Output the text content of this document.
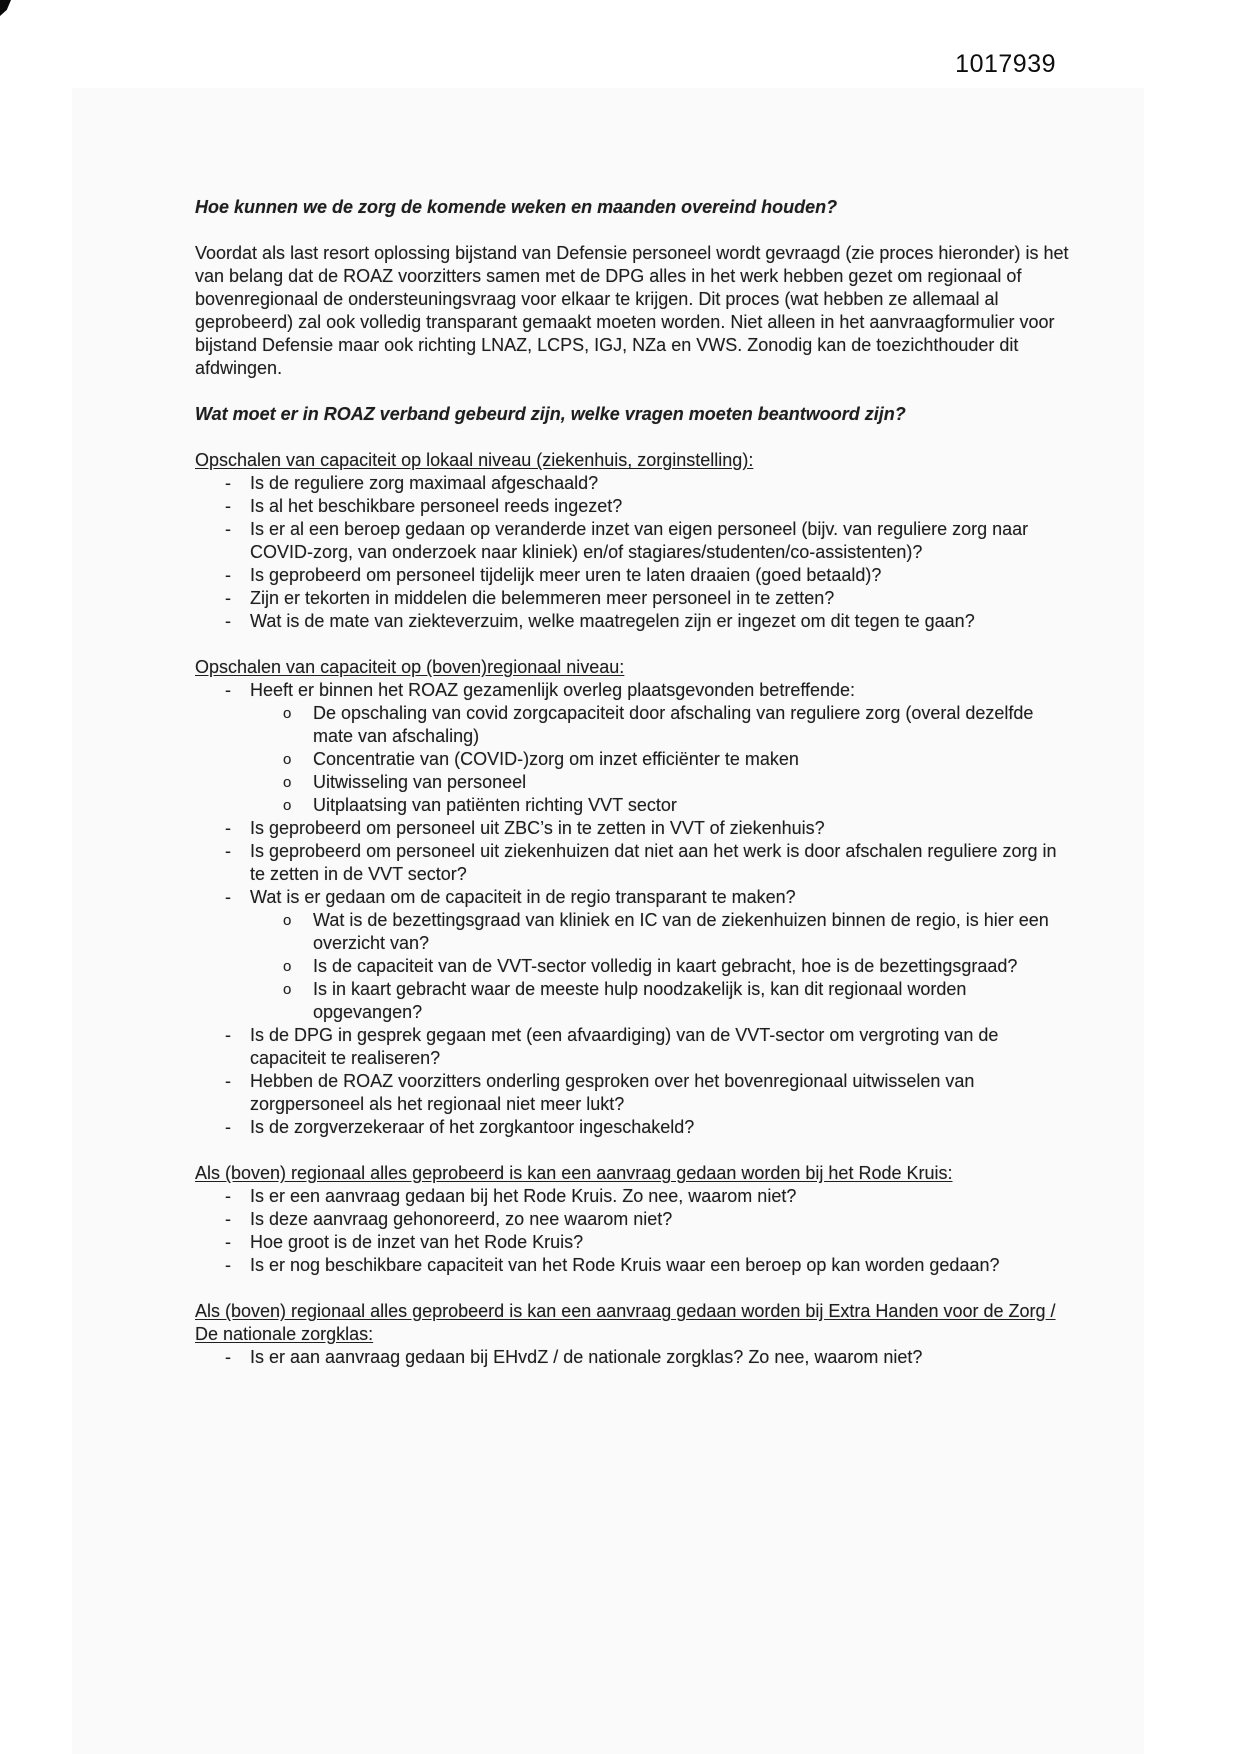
1017939
Hoe kunnen we de zorg de komende weken en maanden overeind houden?
Voordat als last resort oplossing bijstand van Defensie personeel wordt gevraagd (zie proces hieronder) is het van belang dat de ROAZ voorzitters samen met de DPG alles in het werk hebben gezet om regionaal of bovenregionaal de ondersteuningsvraag voor elkaar te krijgen. Dit proces (wat hebben ze allemaal al geprobeerd) zal ook volledig transparant gemaakt moeten worden. Niet alleen in het aanvraagformulier voor bijstand Defensie maar ook richting LNAZ, LCPS, IGJ, NZa en VWS. Zonodig kan de toezichthouder dit afdwingen.
Wat moet er in ROAZ verband gebeurd zijn, welke vragen moeten beantwoord zijn?
Opschalen van capaciteit op lokaal niveau (ziekenhuis, zorginstelling):
-	Is de reguliere zorg maximaal afgeschaald?
-	Is al het beschikbare personeel reeds ingezet?
-	Is er al een beroep gedaan op veranderde inzet van eigen personeel (bijv. van reguliere zorg naar COVID-zorg, van onderzoek naar kliniek) en/of stagiares/studenten/co-assistenten)?
-	Is geprobeerd om personeel tijdelijk meer uren te laten draaien (goed betaald)?
-	Zijn er tekorten in middelen die belemmeren meer personeel in te zetten?
-	Wat is de mate van ziekteverzuim, welke maatregelen zijn er ingezet om dit tegen te gaan?
Opschalen van capaciteit op (boven)regionaal niveau:
-	Heeft er binnen het ROAZ gezamenlijk overleg plaatsgevonden betreffende:
o	De opschaling van covid zorgcapaciteit door afschaling van reguliere zorg (overal dezelfde mate van afschaling)
o	Concentratie van (COVID-)zorg om inzet efficiënter te maken
o	Uitwisseling van personeel
o	Uitplaatsing van patiënten richting VVT sector
-	Is geprobeerd om personeel uit ZBC’s in te zetten in VVT of ziekenhuis?
-	Is geprobeerd om personeel uit ziekenhuizen dat niet aan het werk is door afschalen reguliere zorg in te zetten in de VVT sector?
-	Wat is er gedaan om de capaciteit in de regio transparant te maken?
o	Wat is de bezettingsgraad van kliniek en IC van de ziekenhuizen binnen de regio, is hier een overzicht van?
o	Is de capaciteit van de VVT-sector volledig in kaart gebracht, hoe is de bezettingsgraad?
o	Is in kaart gebracht waar de meeste hulp noodzakelijk is, kan dit regionaal worden opgevangen?
-	Is de DPG in gesprek gegaan met (een afvaardiging) van de VVT-sector om vergroting van de capaciteit te realiseren?
-	Hebben de ROAZ voorzitters onderling gesproken over het bovenregionaal uitwisselen van zorgpersoneel als het regionaal niet meer lukt?
-	Is de zorgverzekeraar of het zorgkantoor ingeschakeld?
Als (boven) regionaal alles geprobeerd is kan een aanvraag gedaan worden bij het Rode Kruis:
-	Is er een aanvraag gedaan bij het Rode Kruis. Zo nee, waarom niet?
-	Is deze aanvraag gehonoreerd, zo nee waarom niet?
-	Hoe groot is de inzet van het Rode Kruis?
-	Is er nog beschikbare capaciteit van het Rode Kruis waar een beroep op kan worden gedaan?
Als (boven) regionaal alles geprobeerd is kan een aanvraag gedaan worden bij Extra Handen voor de Zorg / De nationale zorgklas:
-	Is er aan aanvraag gedaan bij EHvdZ / de nationale zorgklas? Zo nee, waarom niet?
